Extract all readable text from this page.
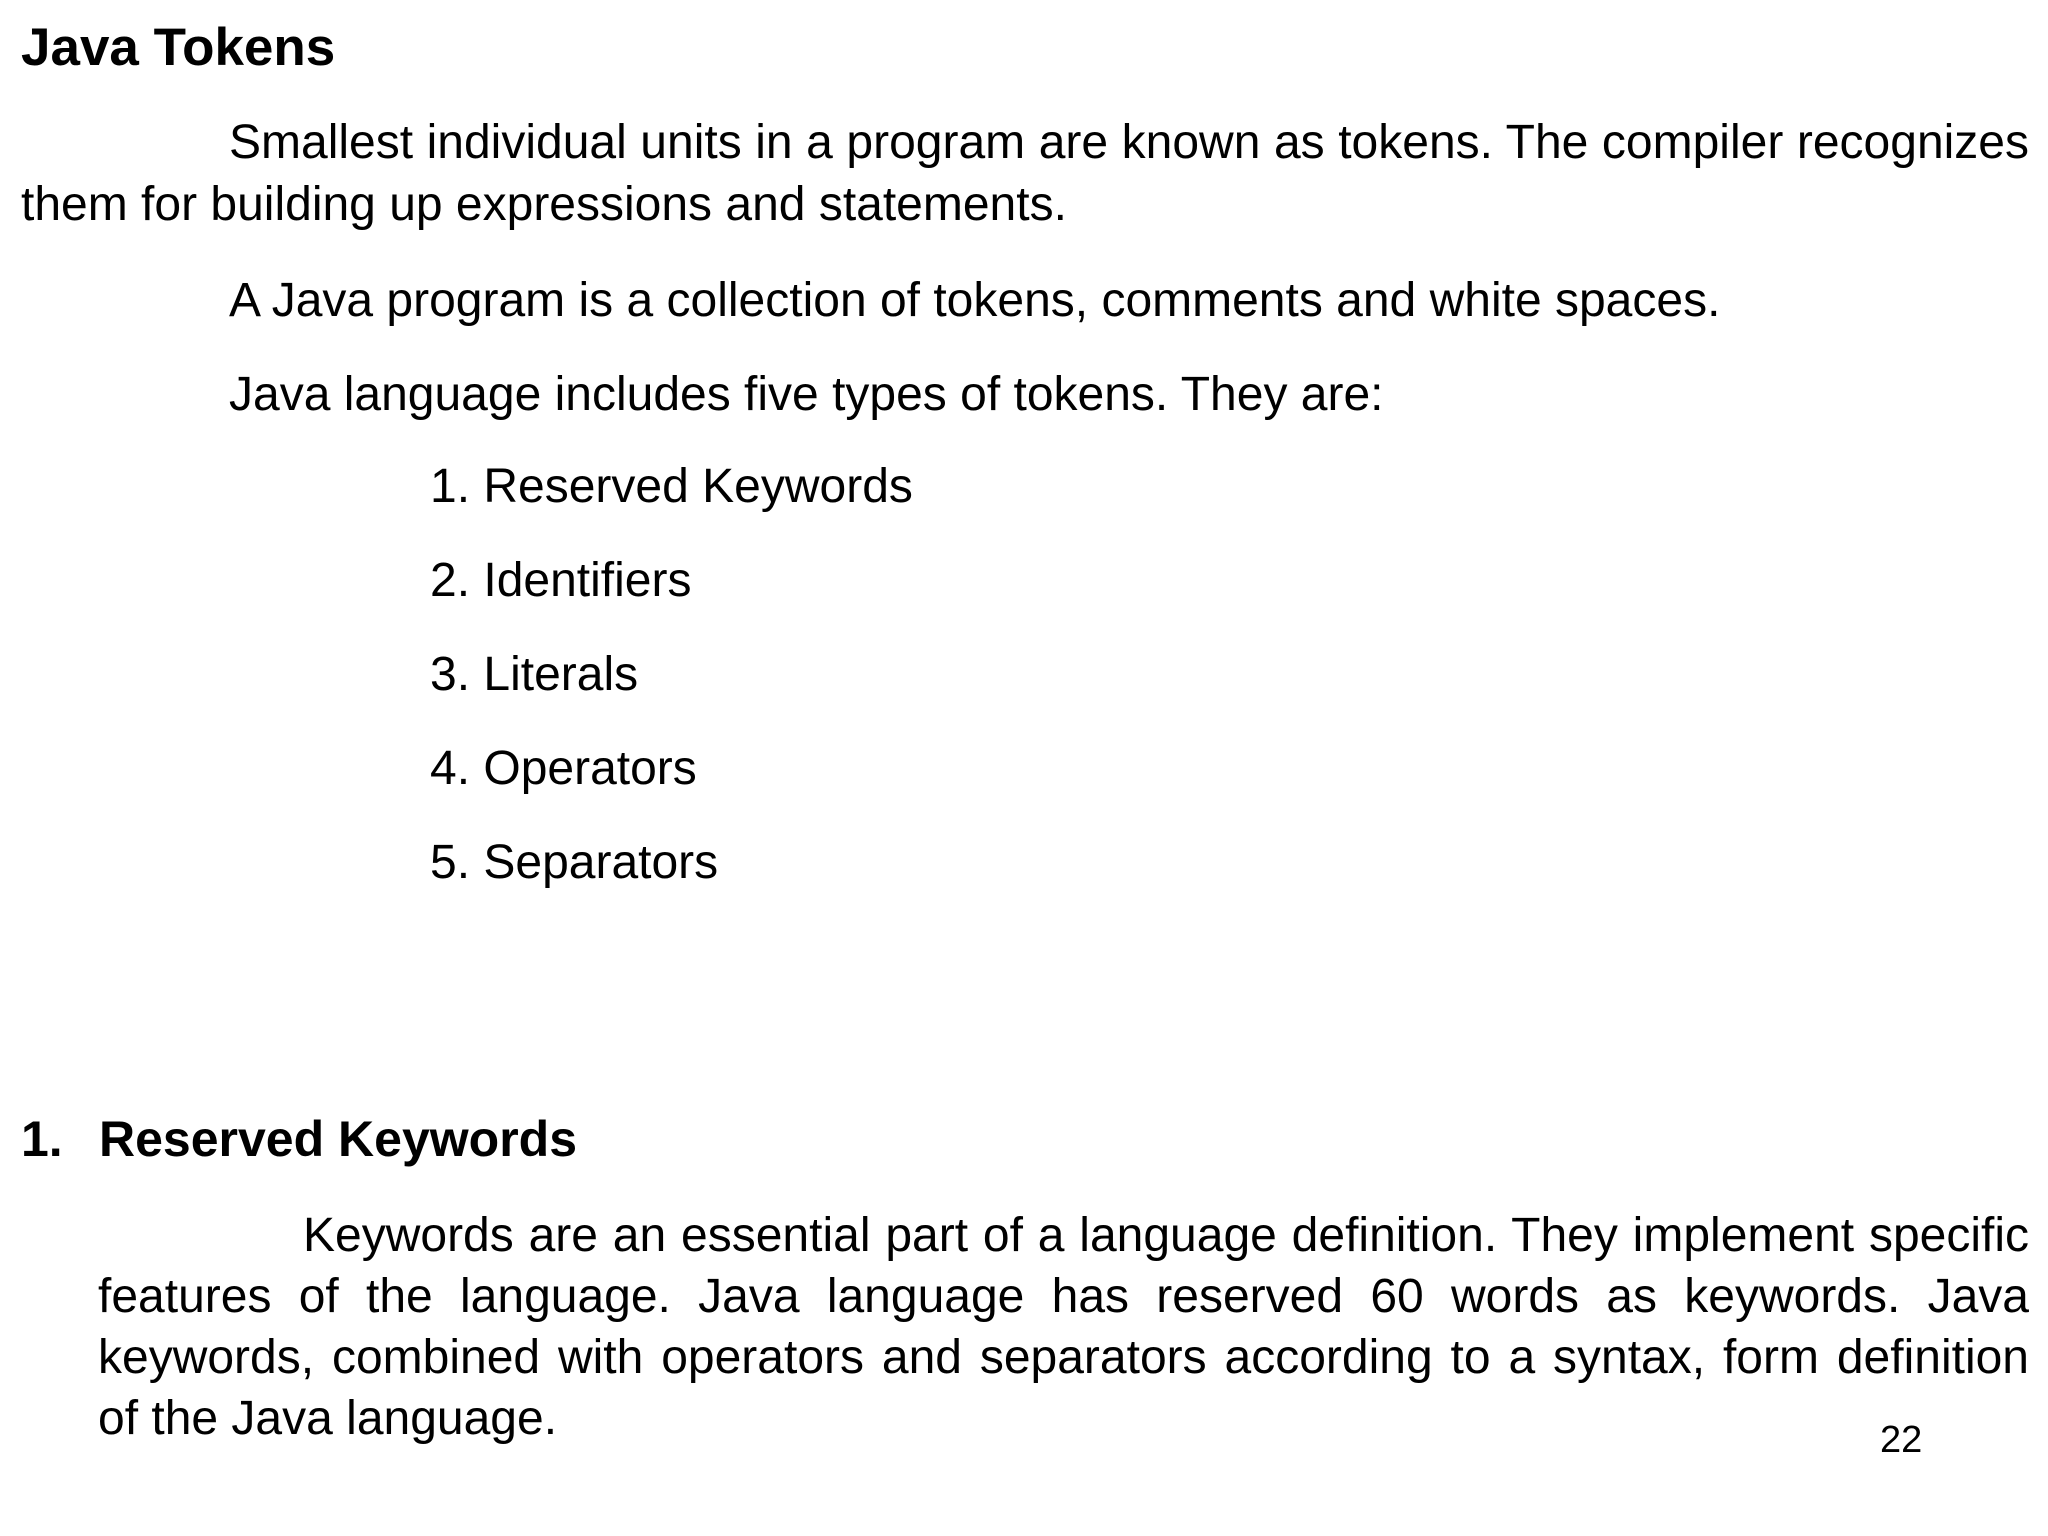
Java Tokens
Smallest individual units in a program are known as tokens. The compiler recognizes them for building up expressions and statements.
A Java program is a collection of tokens, comments and white spaces.
Java language includes five types of tokens. They are:
1. Reserved Keywords
2. Identifiers
3. Literals
4. Operators
5. Separators
1. Reserved Keywords
Keywords are an essential part of a language definition. They implement specific features of the language. Java language has reserved 60 words as keywords. Java keywords, combined with operators and separators according to a syntax, form definition of the Java language.	22
